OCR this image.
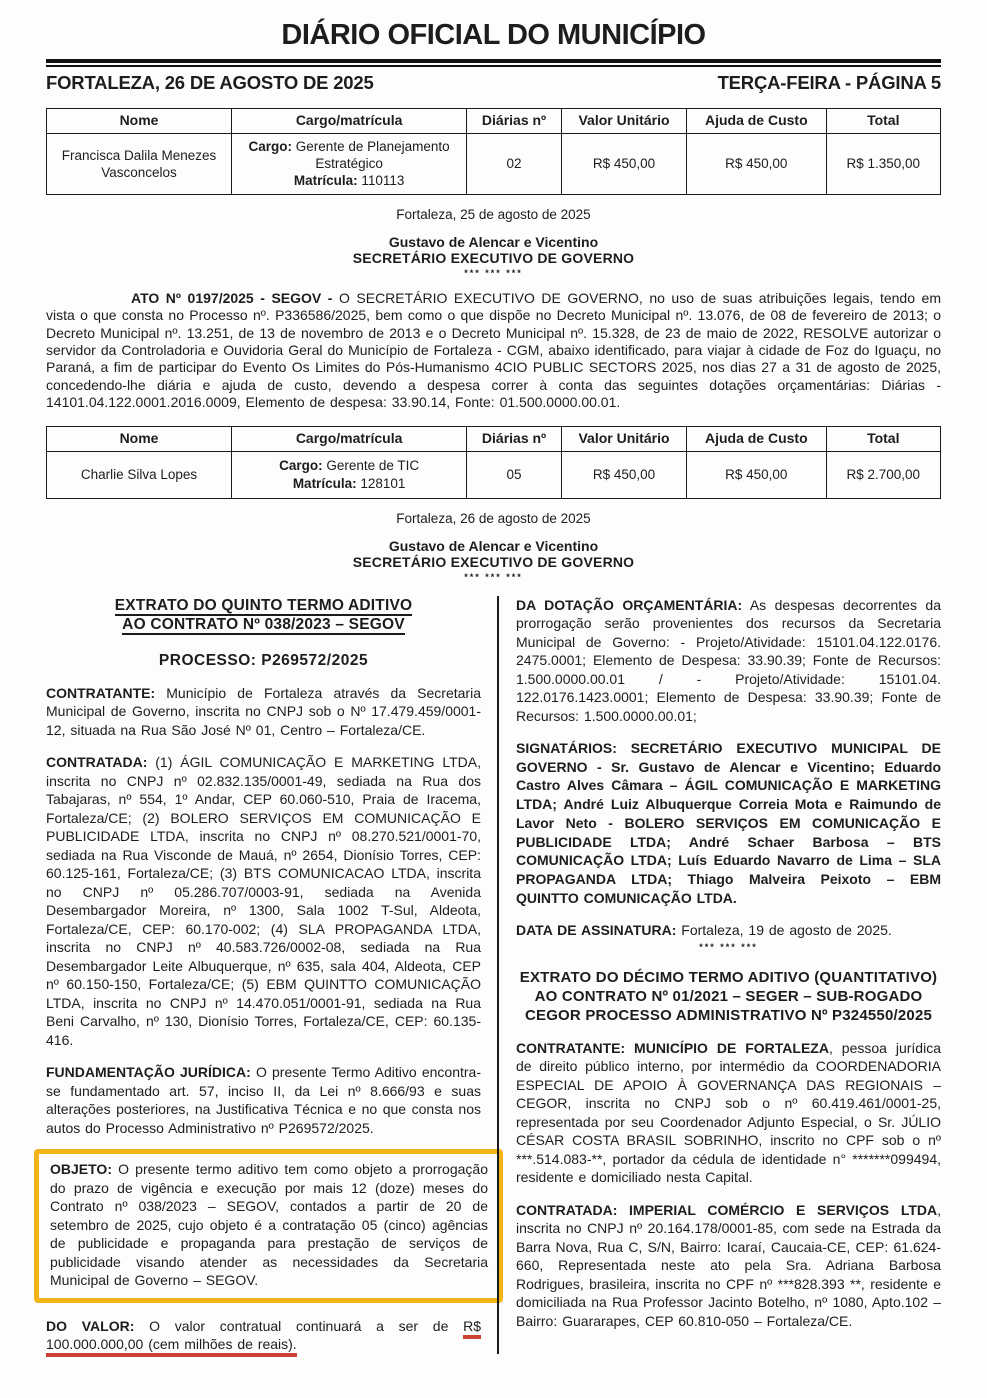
DIÁRIO OFICIAL DO MUNICÍPIO
FORTALEZA, 26 DE AGOSTO DE 2025	TERÇA-FEIRA - PÁGINA 5
Nome	Cargo/matrícula	Diárias nº	Valor Unitário	Ajuda de Custo	Total

Francisca Dalila Menezes Vasconcelos	Cargo: Gerente de Planejamento Estratégico
Matrícula: 110113	02	R$ 450,00	R$ 450,00	R$ 1.350,00
Fortaleza, 25 de agosto de 2025
Gustavo de Alencar e Vicentino
SECRETÁRIO EXECUTIVO DE GOVERNO
*** *** ***

ATO Nº 0197/2025 - SEGOV - O SECRETÁRIO EXECUTIVO DE GOVERNO, no uso de suas atribuições legais, tendo em vista o que consta no Processo nº. P336586/2025, bem como o que dispõe no Decreto Municipal nº. 13.076, de 08 de fevereiro de 2013; o Decreto Municipal nº. 13.251, de 13 de novembro de 2013 e o Decreto Municipal nº. 15.328, de 23 de maio de 2022, RESOLVE autorizar o servidor da Controladoria e Ouvidoria Geral do Município de Fortaleza - CGM, abaixo identificado, para viajar à cidade de Foz do Iguaçu, no Paraná, a fim de participar do Evento Os Limites do Pós-Humanismo 4CIO PUBLIC SECTORS 2025, nos dias 27 a 31 de agosto de 2025, concedendo-lhe diária e ajuda de custo, devendo a despesa correr à conta das seguintes dotações orçamentárias: Diárias - 14101.04.122.0001.2016.0009, Elemento de despesa: 33.90.14, Fonte: 01.500.0000.00.01.

Nome	Cargo/matrícula	Diárias nº	Valor Unitário	Ajuda de Custo	Total
Charlie Silva Lopes	Cargo: Gerente de TIC
Matrícula: 128101	05	R$ 450,00	R$ 450,00	R$ 2.700,00
Fortaleza, 26 de agosto de 2025
Gustavo de Alencar e Vicentino
SECRETÁRIO EXECUTIVO DE GOVERNO
*** *** ***
EXTRATO DO QUINTO TERMO ADITIVO
AO CONTRATO Nº 038/2023 – SEGOV
PROCESSO: P269572/2025

CONTRATANTE: Município de Fortaleza através da Secretaria Municipal de Governo, inscrita no CNPJ sob o Nº 17.479.459/0001-12, situada na Rua São José Nº 01, Centro – Fortaleza/CE.

CONTRATADA: (1) ÁGIL COMUNICAÇÃO E MARKETING LTDA, inscrita no CNPJ nº 02.832.135/0001-49, sediada na Rua dos Tabajaras, nº 554, 1º Andar, CEP 60.060-510, Praia de Iracema, Fortaleza/CE; (2) BOLERO SERVIÇOS EM COMUNICAÇÃO E PUBLICIDADE LTDA, inscrita no CNPJ nº 08.270.521/0001-70, sediada na Rua Visconde de Mauá, nº 2654, Dionísio Torres, CEP: 60.125-161, Fortaleza/CE; (3) BTS COMUNICACAO LTDA, inscrita no CNPJ nº 05.286.707/0003-91, sediada na Avenida Desembargador Moreira, nº 1300, Sala 1002 T-Sul, Aldeota, Fortaleza/CE, CEP: 60.170-002; (4) SLA PROPAGANDA LTDA, inscrita no CNPJ nº 40.583.726/0002-08, sediada na Rua Desembargador Leite Albuquerque, nº 635, sala 404, Aldeota, CEP nº 60.150-150, Fortaleza/CE; (5) EBM QUINTTO COMUNICAÇÃO LTDA, inscrita no CNPJ nº 14.470.051/0001-91, sediada na Rua Beni Carvalho, nº 130, Dionísio Torres, Fortaleza/CE, CEP: 60.135-416.

FUNDAMENTAÇÃO JURÍDICA: O presente Termo Aditivo encontra-se fundamentado art. 57, inciso II, da Lei nº 8.666/93 e suas alterações posteriores, na Justificativa Técnica e no que consta nos autos do Processo Administrativo nº P269572/2025.

OBJETO: O presente termo aditivo tem como objeto a prorrogação do prazo de vigência e execução por mais 12 (doze) meses do Contrato nº 038/2023 – SEGOV, contados a partir de 20 de setembro de 2025, cujo objeto é a contratação 05 (cinco) agências de publicidade e propaganda para prestação de serviços de publicidade visando atender as necessidades da Secretaria Municipal de Governo – SEGOV.

DO VALOR: O valor contratual continuará a ser de R$ 100.000.000,00 (cem milhões de reais).

DA DOTAÇÃO ORÇAMENTÁRIA: As despesas decorrentes da prorrogação serão provenientes dos recursos da Secretaria Municipal de Governo: - Projeto/Atividade: 15101.04.122.0176. 2475.0001; Elemento de Despesa: 33.90.39; Fonte de Recursos: 1.500.0000.00.01 / - Projeto/Atividade: 15101.04. 122.0176.1423.0001; Elemento de Despesa: 33.90.39; Fonte de Recursos: 1.500.0000.00.01;

SIGNATÁRIOS: SECRETÁRIO EXECUTIVO MUNICIPAL DE GOVERNO - Sr. Gustavo de Alencar e Vicentino; Eduardo Castro Alves Câmara – ÁGIL COMUNICAÇÃO E MARKETING LTDA; André Luiz Albuquerque Correia Mota e Raimundo de Lavor Neto - BOLERO SERVIÇOS EM COMUNICAÇÃO E PUBLICIDADE LTDA; André Schaer Barbosa – BTS COMUNICAÇÃO LTDA; Luís Eduardo Navarro de Lima – SLA PROPAGANDA LTDA; Thiago Malveira Peixoto – EBM QUINTTO COMUNICAÇÃO LTDA.

DATA DE ASSINATURA: Fortaleza, 19 de agosto de 2025.

*** *** ***
EXTRATO DO DÉCIMO TERMO ADITIVO (QUANTITATIVO)
AO CONTRATO Nº 01/2021 – SEGER – SUB-ROGADO
CEGOR PROCESSO ADMINISTRATIVO Nº P324550/2025

CONTRATANTE: MUNICÍPIO DE FORTALEZA, pessoa jurídica de direito público interno, por intermédio da COORDENADORIA ESPECIAL DE APOIO À GOVERNANÇA DAS REGIONAIS – CEGOR, inscrita no CNPJ sob o nº 60.419.461/0001-25, representada por seu Coordenador Adjunto Especial, o Sr. JÚLIO CÉSAR COSTA BRASIL SOBRINHO, inscrito no CPF sob o nº ***.514.083-**, portador da cédula de identidade n° *******099494, residente e domiciliado nesta Capital.

CONTRATADA: IMPERIAL COMÉRCIO E SERVIÇOS LTDA, inscrita no CNPJ nº 20.164.178/0001-85, com sede na Estrada da Barra Nova, Rua C, S/N, Bairro: Icaraí, Caucaia-CE, CEP: 61.624-660, Representada neste ato pela Sra. Adriana Barbosa Rodrigues, brasileira, inscrita no CPF nº ***828.393 **, residente e domiciliada na Rua Professor Jacinto Botelho, nº 1080, Apto.102 – Bairro: Guararapes, CEP 60.810-050 – Fortaleza/CE.
